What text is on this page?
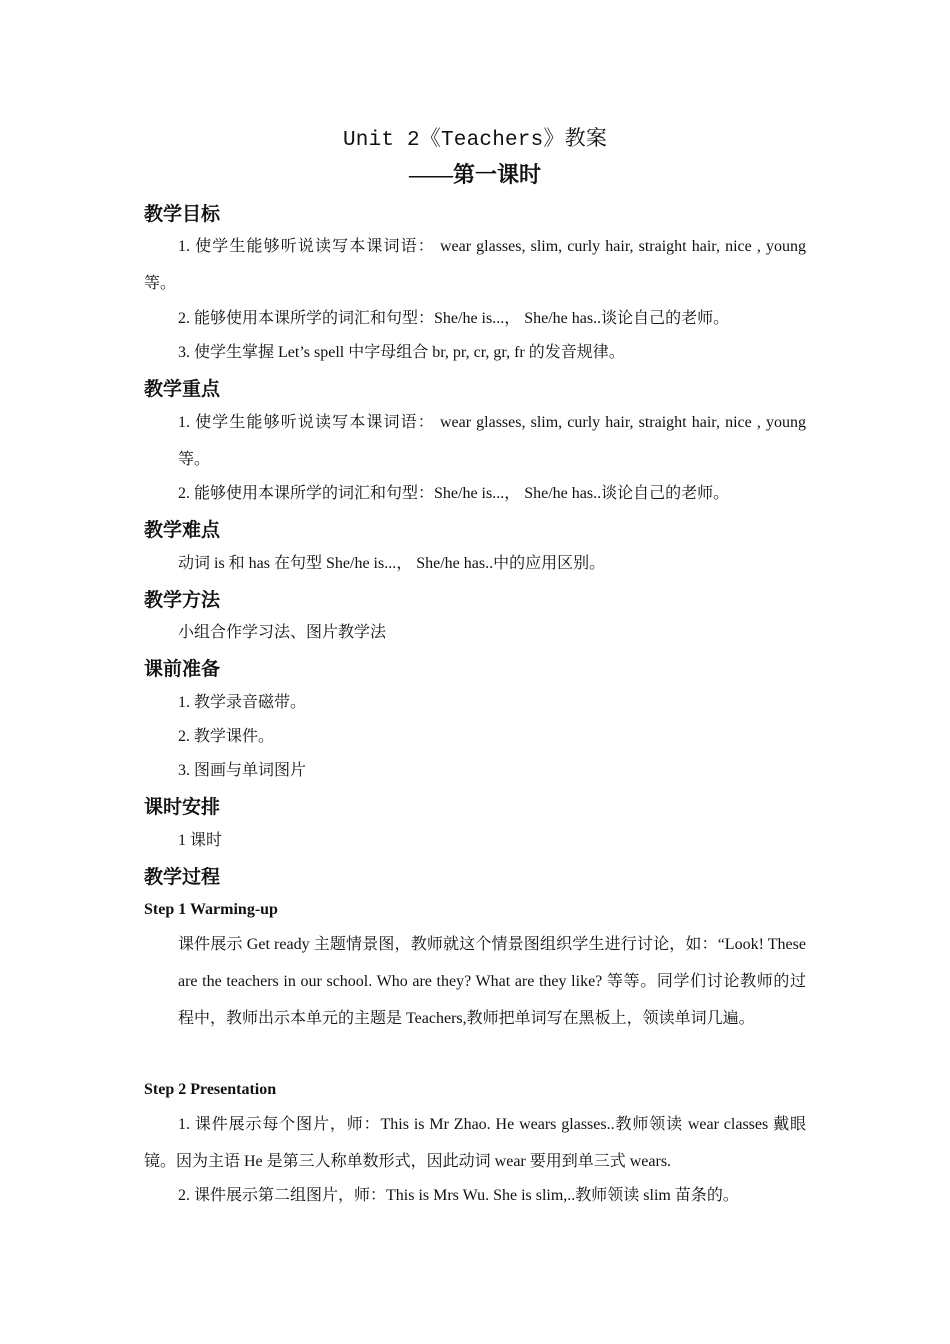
Unit 2《Teachers》教案
——第一课时
教学目标
1. 使学生能够听说读写本课词语： wear glasses, slim, curly hair, straight hair, nice , young 等。
2. 能够使用本课所学的词汇和句型：She/he is...， She/he has..谈论自己的老师。
3. 使学生掌握 Let’s spell 中字母组合 br, pr, cr, gr, fr 的发音规律。
教学重点
1. 使学生能够听说读写本课词语： wear glasses, slim, curly hair, straight hair, nice , young 等。
2. 能够使用本课所学的词汇和句型：She/he is...， She/he has..谈论自己的老师。
教学难点
动词 is 和 has 在句型 She/he is...， She/he has..中的应用区别。
教学方法
小组合作学习法、图片教学法
课前准备
1. 教学录音磁带。
2. 教学课件。
3. 图画与单词图片
课时安排
1 课时
教学过程
Step 1 Warming-up
课件展示 Get ready 主题情景图，教师就这个情景图组织学生进行讨论，如：“Look! These are the teachers in our school. Who are they? What are they like? 等等。同学们讨论教师的过程中，教师出示本单元的主题是 Teachers,教师把单词写在黑板上，领读单词几遍。
Step 2 Presentation
1. 课件展示每个图片，师：This is Mr Zhao. He wears glasses..教师领读 wear classes 戴眼镜。因为主语 He 是第三人称单数形式，因此动词 wear 要用到单三式 wears.
2. 课件展示第二组图片，师：This is Mrs Wu. She is slim,..教师领读 slim 苗条的。
